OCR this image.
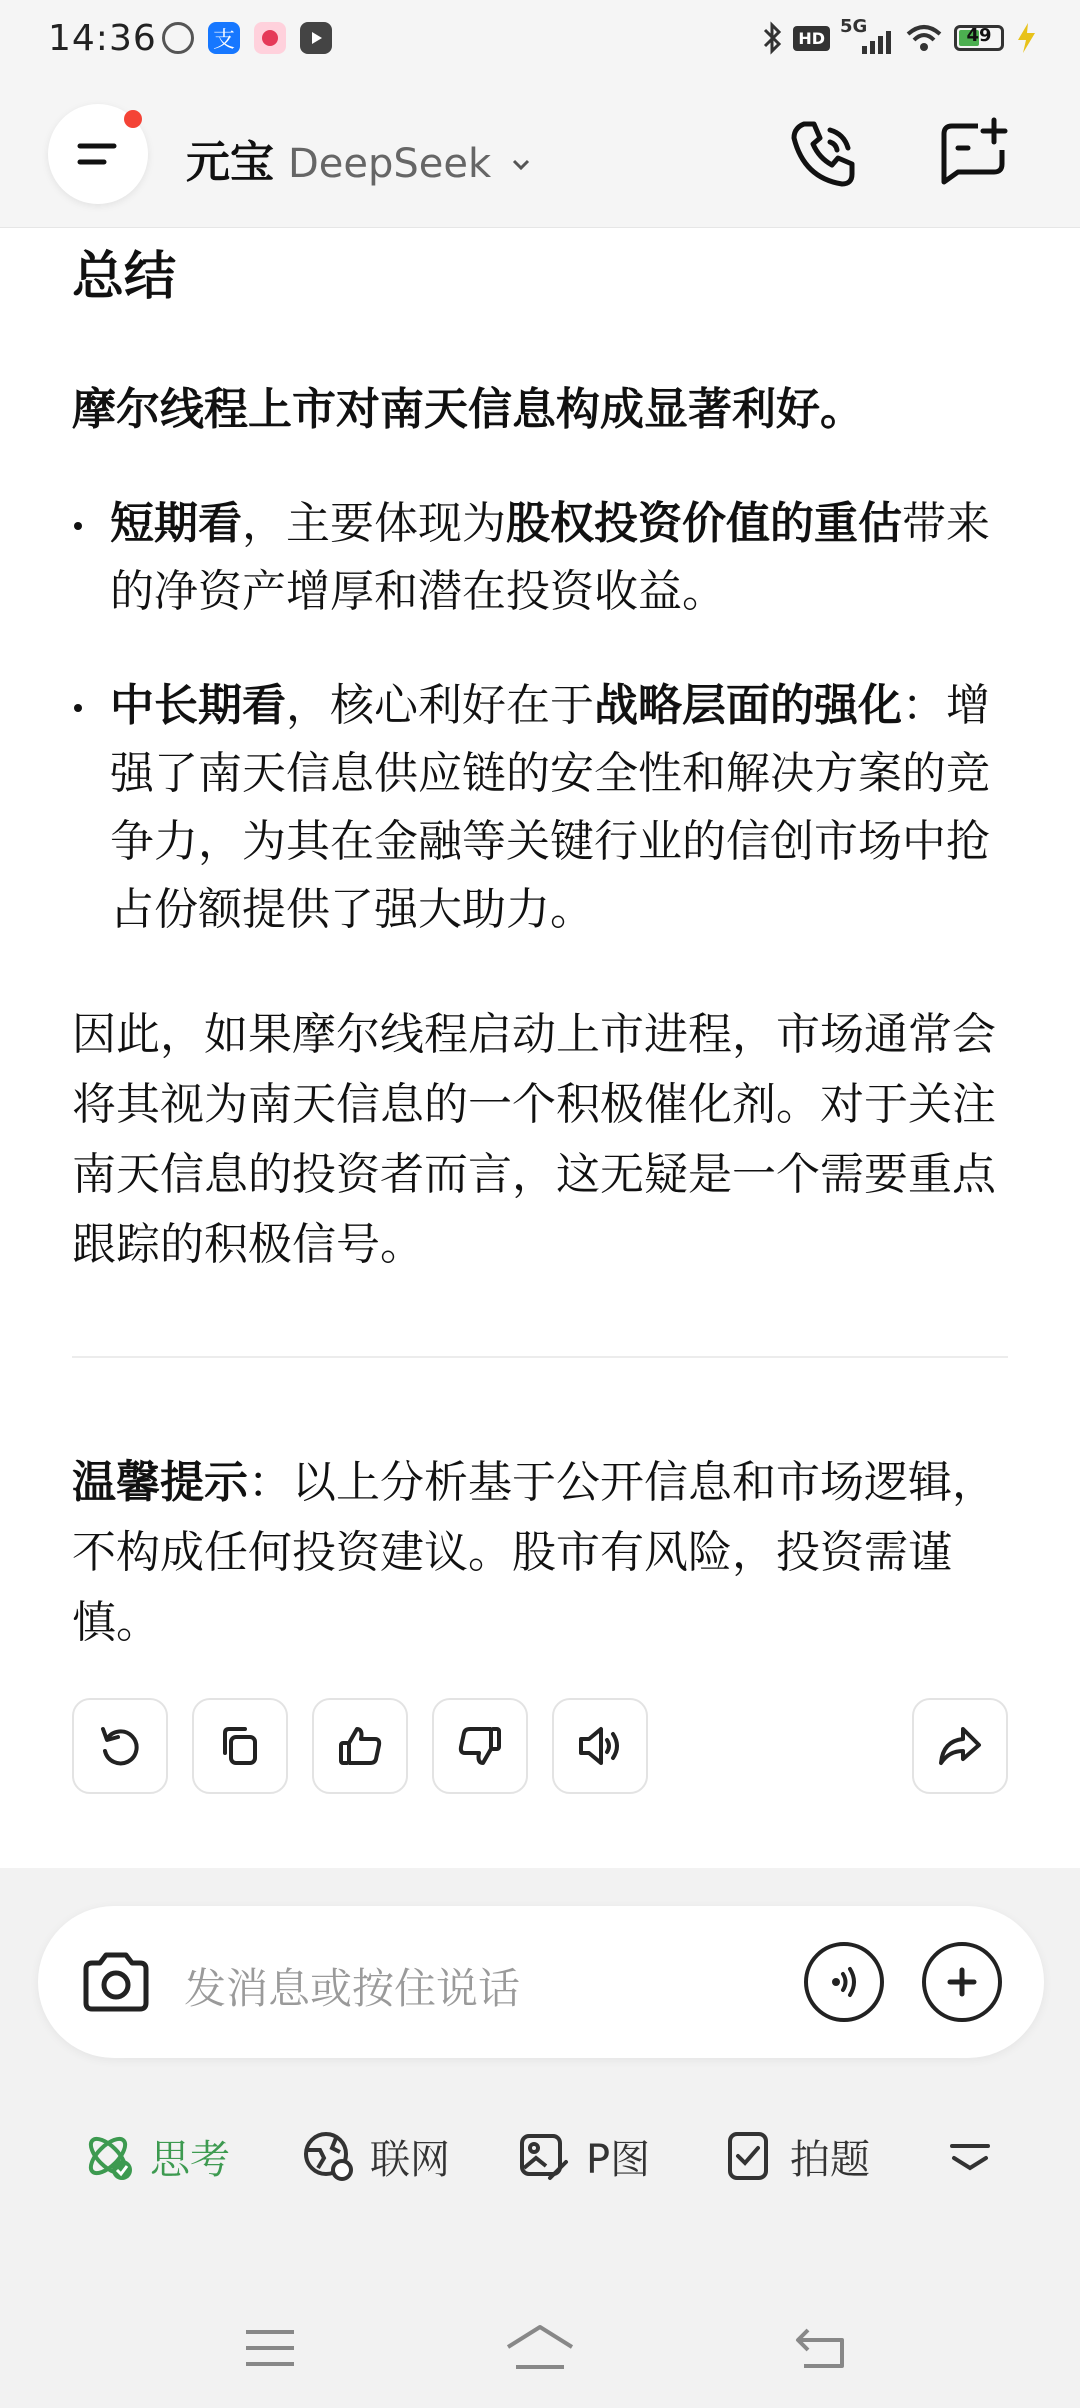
14:36	支	HD
5G	49
元宝 DeepSeek
总结
摩尔线程上市对南天信息构成显著利好。
短期看，主要体现为股权投资价值的重估带来的净资产增厚和潜在投资收益。
中长期看，核心利好在于战略层面的强化：增强了南天信息供应链的安全性和解决方案的竞争力，为其在金融等关键行业的信创市场中抢占份额提供了强大助力。
因此，如果摩尔线程启动上市进程，市场通常会将其视为南天信息的一个积极催化剂。对于关注南天信息的投资者而言，这无疑是一个需要重点跟踪的积极信号。
温馨提示：以上分析基于公开信息和市场逻辑，不构成任何投资建议。股市有风险，投资需谨慎。
发消息或按住说话
思考	联网	P图	拍题
